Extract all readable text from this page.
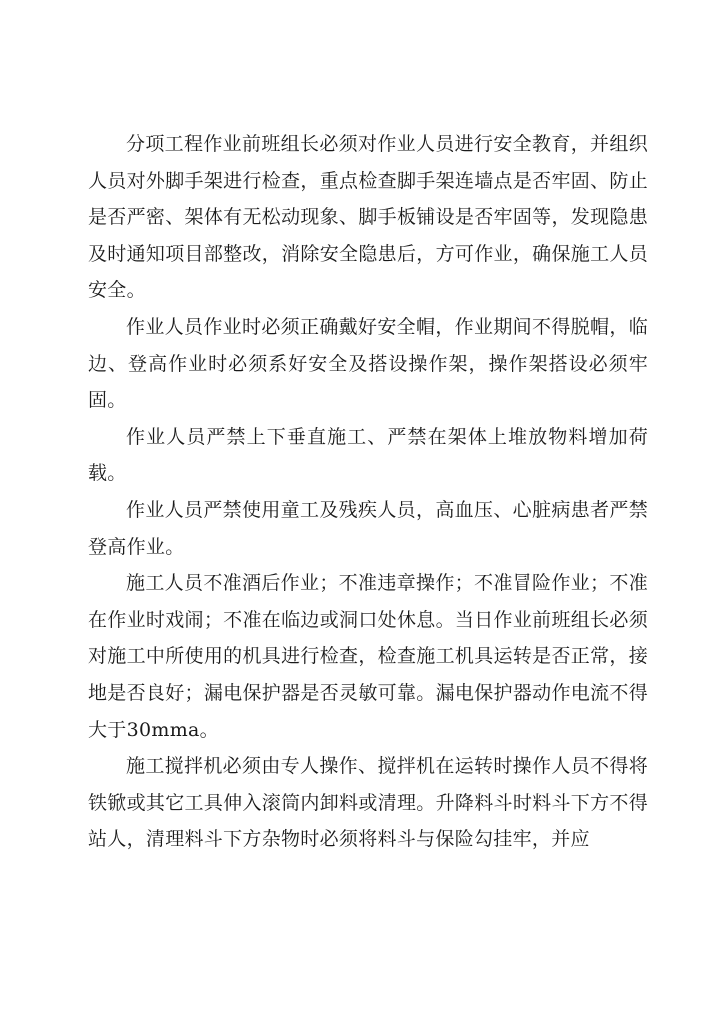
分项工程作业前班组长必须对作业人员进行安全教育，并组织人员对外脚手架进行检查，重点检查脚手架连墙点是否牢固、防止是否严密、架体有无松动现象、脚手板铺设是否牢固等，发现隐患及时通知项目部整改，消除安全隐患后，方可作业，确保施工人员安全。

作业人员作业时必须正确戴好安全帽，作业期间不得脱帽，临边、登高作业时必须系好安全及搭设操作架，操作架搭设必须牢固。

作业人员严禁上下垂直施工、严禁在架体上堆放物料增加荷载。

作业人员严禁使用童工及残疾人员，高血压、心脏病患者严禁登高作业。

施工人员不准酒后作业；不准违章操作；不准冒险作业；不准在作业时戏闹；不准在临边或洞口处休息。当日作业前班组长必须对施工中所使用的机具进行检查，检查施工机具运转是否正常，接地是否良好；漏电保护器是否灵敏可靠。漏电保护器动作电流不得大于30mma。

施工搅拌机必须由专人操作、搅拌机在运转时操作人员不得将铁锨或其它工具伸入滚筒内卸料或清理。升降料斗时料斗下方不得站人，清理料斗下方杂物时必须将料斗与保险勾挂牢，并应
